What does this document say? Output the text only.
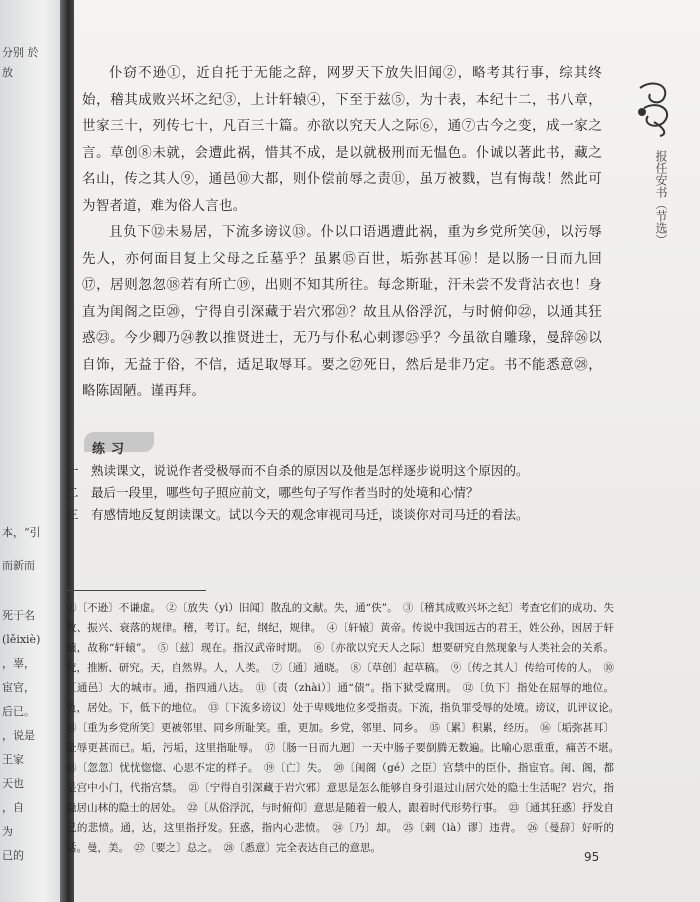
分别 於
放
本，“引
而新而
死于名
(lěixiè)
，辜，
宦官，
后已。
，说是
王家
天也
，自
为
已的
报任安书（节选）

仆窃不逊①，近自托于无能之辞，网罗天下放失旧闻②，略考其行事，综其终始，稽其成败兴坏之纪③，上计轩辕④，下至于兹⑤，为十表，本纪十二，书八章，世家三十，列传七十，凡百三十篇。亦欲以究天人之际⑥，通⑦古今之变，成一家之言。草创⑧未就，会遭此祸，惜其不成，是以就极刑而无愠色。仆诚以著此书，藏之名山，传之其人⑨，通邑⑩大都，则仆偿前辱之责⑪，虽万被戮，岂有悔哉！然此可为智者道，难为俗人言也。

且负下⑫未易居，下流多谤议⑬。仆以口语遇遭此祸，重为乡党所笑⑭，以污辱先人，亦何面目复上父母之丘墓乎？虽累⑮百世，垢弥甚耳⑯！是以肠一日而九回⑰，居则忽忽⑱若有所亡⑲，出则不知其所往。每念斯耻，汗未尝不发背沾衣也！身直为闺阁之臣⑳，宁得自引深藏于岩穴邪㉑？故且从俗浮沉，与时俯仰㉒，以通其狂惑㉓。今少卿乃㉔教以推贤进士，无乃与仆私心剌谬㉕乎？今虽欲自雕瑑，曼辞㉖以自饰，无益于俗，不信，适足取辱耳。要之㉗死日，然后是非乃定。书不能悉意㉘，略陈固陋。谨再拜。

练习
一　 熟读课文，说说作者受极辱而不自杀的原因以及他是怎样逐步说明这个原因的。
二　 最后一段里，哪些句子照应前文，哪些句子写作者当时的处境和心情？
三　 有感情地反复朗读课文。试以今天的观念审视司马迁，谈谈你对司马迁的看法。
①〔不逊〕不谦虚。　②〔放失（yì）旧闻〕散乱的文献。失，通“佚”。　③〔稽其成败兴坏之纪〕考查它们的成功、失败、振兴、衰落的规律。稽，考订。纪，纲纪，规律。　④〔轩辕〕黄帝。传说中我国远古的君王，姓公孙，因居于轩辕，故称“轩辕”。　⑤〔兹〕现在。指汉武帝时期。　⑥〔亦欲以究天人之际〕想要研究自然现象与人类社会的关系。究，推断、研究。天，自然界。人，人类。　⑦〔通〕通晓。　⑧〔草创〕起草稿。　⑨〔传之其人〕传给可传的人。　⑩〔通邑〕大的城市。通，指四通八达。　⑪〔责（zhài）〕通“债”。指下狱受腐刑。　⑫〔负下〕指处在屈辱的地位。负，居处。下，低下的地位。　⑬〔下流多谤议〕处于卑贱地位多受指责。下流，指负罪受辱的处境。谤议，讥评议论。　⑭〔重为乡党所笑〕更被邻里、同乡所耻笑。重，更加。乡党，邻里、同乡。　⑮〔累〕积累，经历。　⑯〔垢弥甚耳〕耻辱更甚而已。垢，污垢，这里指耻辱。　⑰〔肠一日而九迴〕一天中肠子要倒腾无数遍。比喻心思重重，痛苦不堪。　⑱〔忽忽〕忧忧惚惚、心思不定的样子。　⑲〔亡〕失。　⑳〔闺阁（gé）之臣〕宫禁中的臣仆，指宦官。闺、阁，都是宫中小门，代指宫禁。　㉑〔宁得自引深藏于岩穴邪〕意思是怎么能够自身引退过山居穴处的隐士生活呢？岩穴，指隐居山林的隐士的居处。　㉒〔从俗浮沉，与时俯仰〕意思是随着一般人，跟着时代形势行事。　㉓〔通其狂惑〕抒发自己的悲愤。通，达，这里指抒发。狂惑，指内心悲愤。　㉔〔乃〕却。　㉕〔剌（là）谬〕违背。　㉖〔曼辞〕好听的话。曼，美。　㉗〔要之〕总之。　㉘〔悉意〕完全表达自己的意思。
95
